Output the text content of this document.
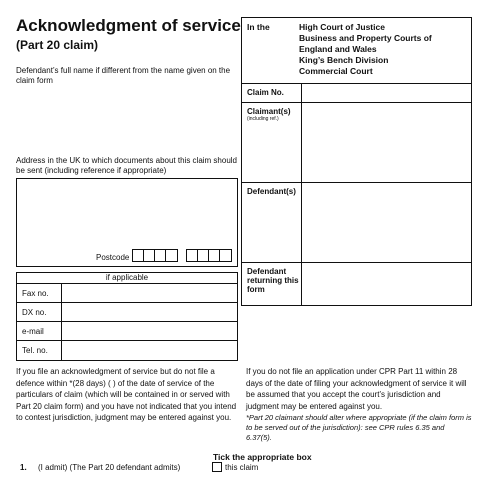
Acknowledgment of service
(Part 20 claim)
Defendant’s full name if different from the name given on the claim form
Address in the UK to which documents about this claim should be sent (including reference if appropriate)
Postcode
if applicable
Fax no.
DX no.
e-mail
Tel. no.
In the	High Court of Justice
Business and Property Courts of
England and Wales
King’s Bench Division
Commercial Court
Claim No.
Claimant(s)
(including ref.)
Defendant(s)
Defendant returning this form
If you file an acknowledgment of service but do not file a defence within *(28 days) ( ) of the date of service of the particulars of claim (which will be contained in or served with Part 20 claim form) and you have not indicated that you intend to contest jurisdiction, judgment may be entered against you.
If you do not file an application under CPR Part 11 within 28 days of the date of filing your acknowledgment of service it will be assumed that you accept the court’s jurisdiction and judgment may be entered against you.
*Part 20 claimant should alter where appropriate (if the claim form is to be served out of the jurisdiction): see CPR rules 6.35 and 6.37(5).
Tick the appropriate box
1. (I admit) (The Part 20 defendant admits)	this claim
